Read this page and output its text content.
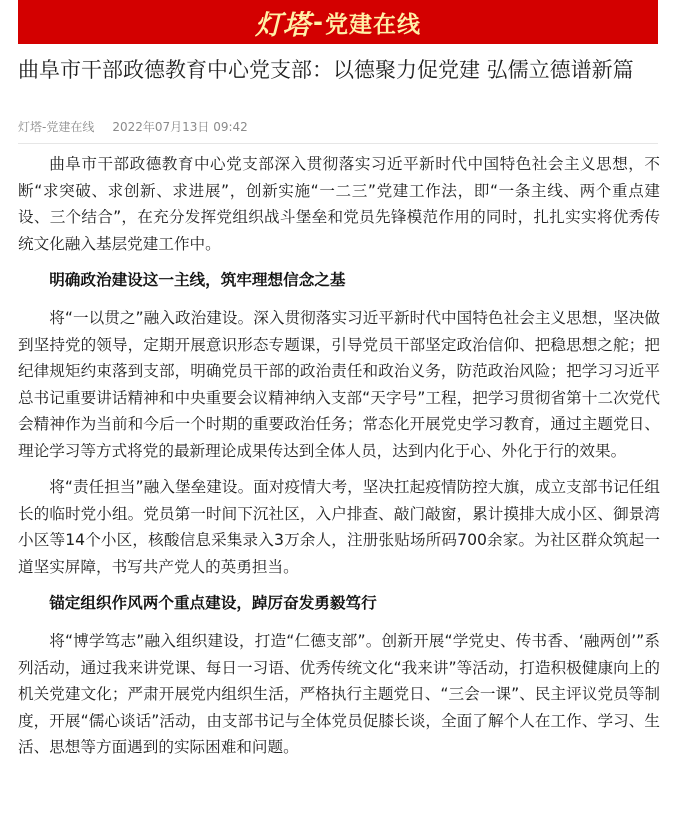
灯塔 - 党建在线
曲阜市干部政德教育中心党支部：以德聚力促党建 弘儒立德谱新篇
灯塔-党建在线 2022年07月13日 09:42

曲阜市干部政德教育中心党支部深入贯彻落实习近平新时代中国特色社会主义思想，不断“求突破、求创新、求进展”，创新实施“一二三”党建工作法，即“一条主线、两个重点建设、三个结合”，在充分发挥党组织战斗堡垒和党员先锋模范作用的同时，扎扎实实将优秀传统文化融入基层党建工作中。

明确政治建设这一主线，筑牢理想信念之基

将“一以贯之”融入政治建设。深入贯彻落实习近平新时代中国特色社会主义思想，坚决做到坚持党的领导，定期开展意识形态专题课，引导党员干部坚定政治信仰、把稳思想之舵；把纪律规矩约束落到支部，明确党员干部的政治责任和政治义务，防范政治风险；把学习习近平总书记重要讲话精神和中央重要会议精神纳入支部“天字号”工程，把学习贯彻省第十二次党代会精神作为当前和今后一个时期的重要政治任务；常态化开展党史学习教育，通过主题党日、理论学习等方式将党的最新理论成果传达到全体人员，达到内化于心、外化于行的效果。

将“责任担当”融入堡垒建设。面对疫情大考，坚决扛起疫情防控大旗，成立支部书记任组长的临时党小组。党员第一时间下沉社区，入户排查、敲门敲窗，累计摸排大成小区、御景湾小区等14个小区，核酸信息采集录入3万余人，注册张贴场所码700余家。为社区群众筑起一道坚实屏障，书写共产党人的英勇担当。

锚定组织作风两个重点建设，踔厉奋发勇毅笃行

将“博学笃志”融入组织建设，打造“仁德支部”。创新开展“学党史、传书香、‘融两创’”系列活动，通过我来讲党课、每日一习语、优秀传统文化“我来讲”等活动，打造积极健康向上的机关党建文化；严肃开展党内组织生活，严格执行主题党日、“三会一课”、民主评议党员等制度，开展“儒心谈话”活动，由支部书记与全体党员促膝长谈，全面了解个人在工作、学习、生活、思想等方面遇到的实际困难和问题。
